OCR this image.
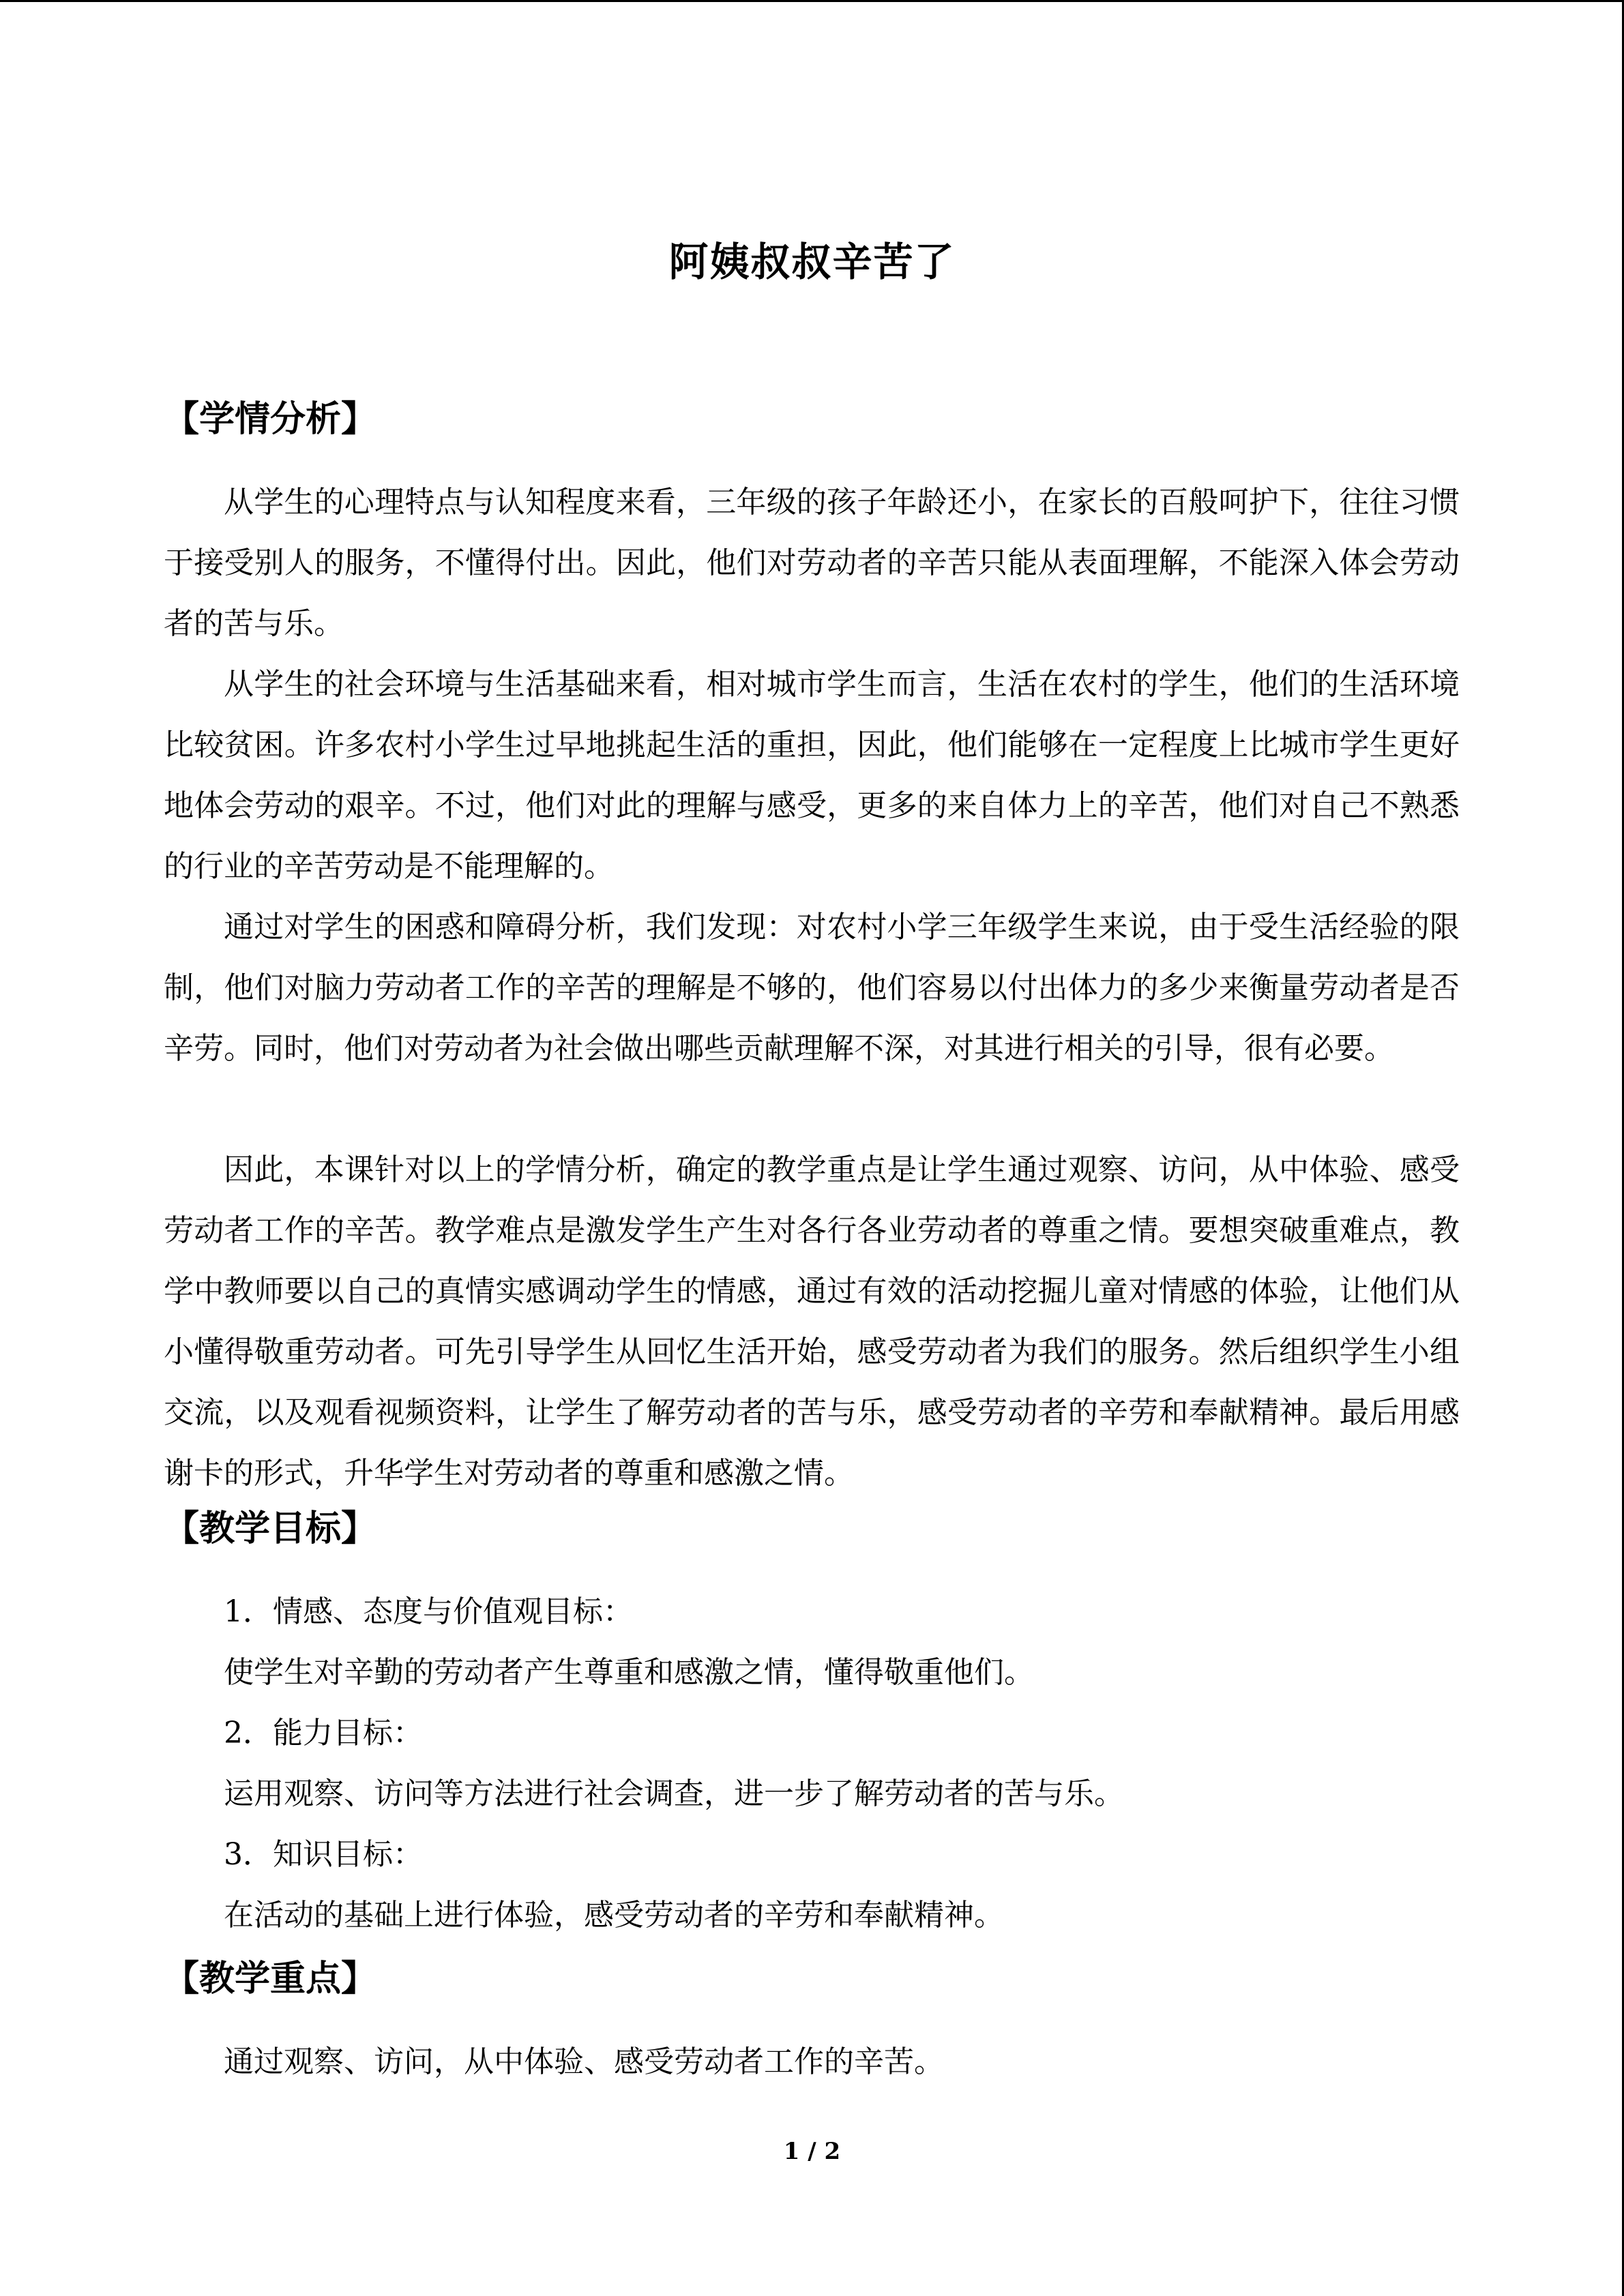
阿姨叔叔辛苦了
【学情分析】

从学生的心理特点与认知程度来看，三年级的孩子年龄还小，在家长的百般呵护下，往往习惯于接受别人的服务，不懂得付出。因此，他们对劳动者的辛苦只能从表面理解，不能深入体会劳动者的苦与乐。

从学生的社会环境与生活基础来看，相对城市学生而言，生活在农村的学生，他们的生活环境比较贫困。许多农村小学生过早地挑起生活的重担，因此，他们能够在一定程度上比城市学生更好地体会劳动的艰辛。不过，他们对此的理解与感受，更多的来自体力上的辛苦，他们对自己不熟悉的行业的辛苦劳动是不能理解的。

通过对学生的困惑和障碍分析，我们发现：对农村小学三年级学生来说，由于受生活经验的限制，他们对脑力劳动者工作的辛苦的理解是不够的，他们容易以付出体力的多少来衡量劳动者是否辛劳。同时，他们对劳动者为社会做出哪些贡献理解不深，对其进行相关的引导，很有必要。

因此，本课针对以上的学情分析，确定的教学重点是让学生通过观察、访问，从中体验、感受劳动者工作的辛苦。教学难点是激发学生产生对各行各业劳动者的尊重之情。要想突破重难点，教学中教师要以自己的真情实感调动学生的情感，通过有效的活动挖掘儿童对情感的体验，让他们从小懂得敬重劳动者。可先引导学生从回忆生活开始，感受劳动者为我们的服务。然后组织学生小组交流，以及观看视频资料，让学生了解劳动者的苦与乐，感受劳动者的辛劳和奉献精神。最后用感谢卡的形式，升华学生对劳动者的尊重和感激之情。

【教学目标】

1．情感、态度与价值观目标：

使学生对辛勤的劳动者产生尊重和感激之情，懂得敬重他们。

2．能力目标：

运用观察、访问等方法进行社会调查，进一步了解劳动者的苦与乐。

3．知识目标：

在活动的基础上进行体验，感受劳动者的辛劳和奉献精神。

【教学重点】

通过观察、访问，从中体验、感受劳动者工作的辛苦。

1 / 2
